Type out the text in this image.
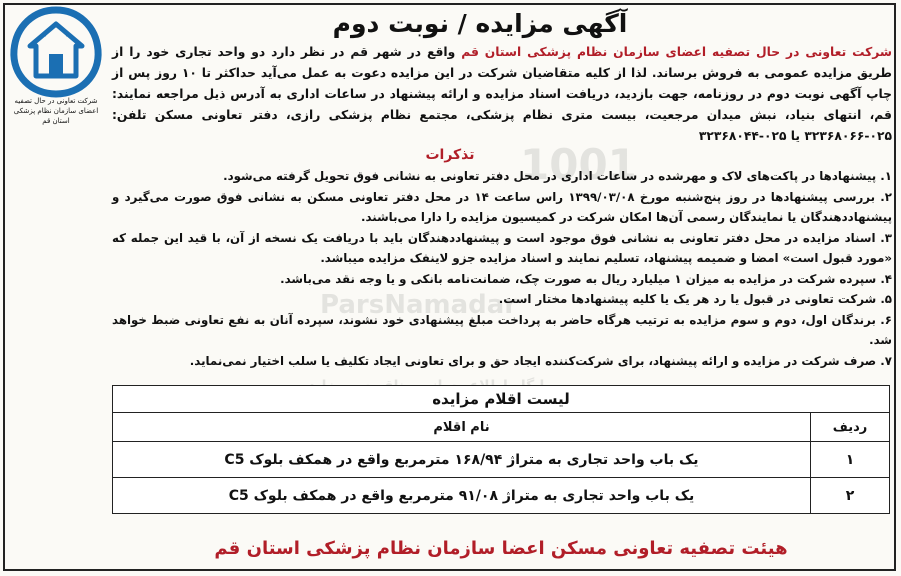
1001
ParsNamadar
شرکت تعاونی در حال تصفیه اعضای سازمان نظام پزشکی استان قم
آگهی مزایده / نوبت دوم
شرکت تعاونی در حال تصفیه اعضای سازمان نظام پزشکی استان قم واقع در شهر قم در نظر دارد دو واحد تجاری خود را از طریق مزایده عمومی به فروش برساند. لذا از کلیه متقاضیان شرکت در این مزایده دعوت به عمل می‌آید حداکثر تا ۱۰ روز پس از چاپ آگهی نوبت دوم در روزنامه، جهت بازدید، دریافت اسناد مزایده و ارائه پیشنهاد در ساعات اداری به آدرس ذیل مراجعه نمایند: قم، انتهای بنیاد، نبش میدان مرجعیت، بیست متری نظام پزشکی، مجتمع نظام پزشکی رازی، دفتر تعاونی مسکن تلفن: ۰۲۵-۳۲۳۶۸۰۶۶ یا ۰۲۵-۳۲۳۶۸۰۴۴
تذکرات
۱. پیشنهادها در پاکت‌های لاک و مهرشده در ساعات اداری در محل دفتر تعاونی به نشانی فوق تحویل گرفته می‌شود.
۲. بررسی پیشنهادها در روز پنج‌شنبه مورخ ۱۳۹۹/۰۳/۰۸ راس ساعت ۱۴ در محل دفتر تعاونی مسکن به نشانی فوق صورت می‌گیرد و پیشنهاددهندگان یا نمایندگان رسمی آن‌ها امکان شرکت در کمیسیون مزایده را دارا می‌باشند.
۳. اسناد مزایده در محل دفتر تعاونی به نشانی فوق موجود است و پیشنهاددهندگان باید با دریافت یک نسخه از آن، با قید این جمله که «مورد قبول است» امضا و ضمیمه پیشنهاد، تسلیم نمایند و اسناد مزایده جزو لاینفک مزایده میباشد.
۴. سپرده شرکت در مزایده به میزان ۱ میلیارد ریال به صورت چک، ضمانت‌نامه بانکی و یا وجه نقد می‌باشد.
۵. شرکت تعاونی در قبول یا رد هر یک یا کلیه پیشنهادها مختار است.
۶. برندگان اول، دوم و سوم مزایده به ترتیب هرگاه حاضر به پرداخت مبلغ پیشنهادی خود نشوند، سپرده آنان به نفع تعاونی ضبط خواهد شد.
۷. صرف شرکت در مزایده و ارائه پیشنهاد، برای شرکت‌کننده ایجاد حق و برای تعاونی ایجاد تکلیف یا سلب اختیار نمی‌نماید.
لیست اقلام مزایده
ردیف	نام اقلام
۱	یک باب واحد تجاری به متراژ ۱۶۸/۹۴ مترمربع واقع در همکف بلوک C5
۲	یک باب واحد تجاری به متراژ ۹۱/۰۸ مترمربع واقع در همکف بلوک C5
هیئت تصفیه تعاونی مسکن اعضا سازمان نظام پزشکی استان قم
